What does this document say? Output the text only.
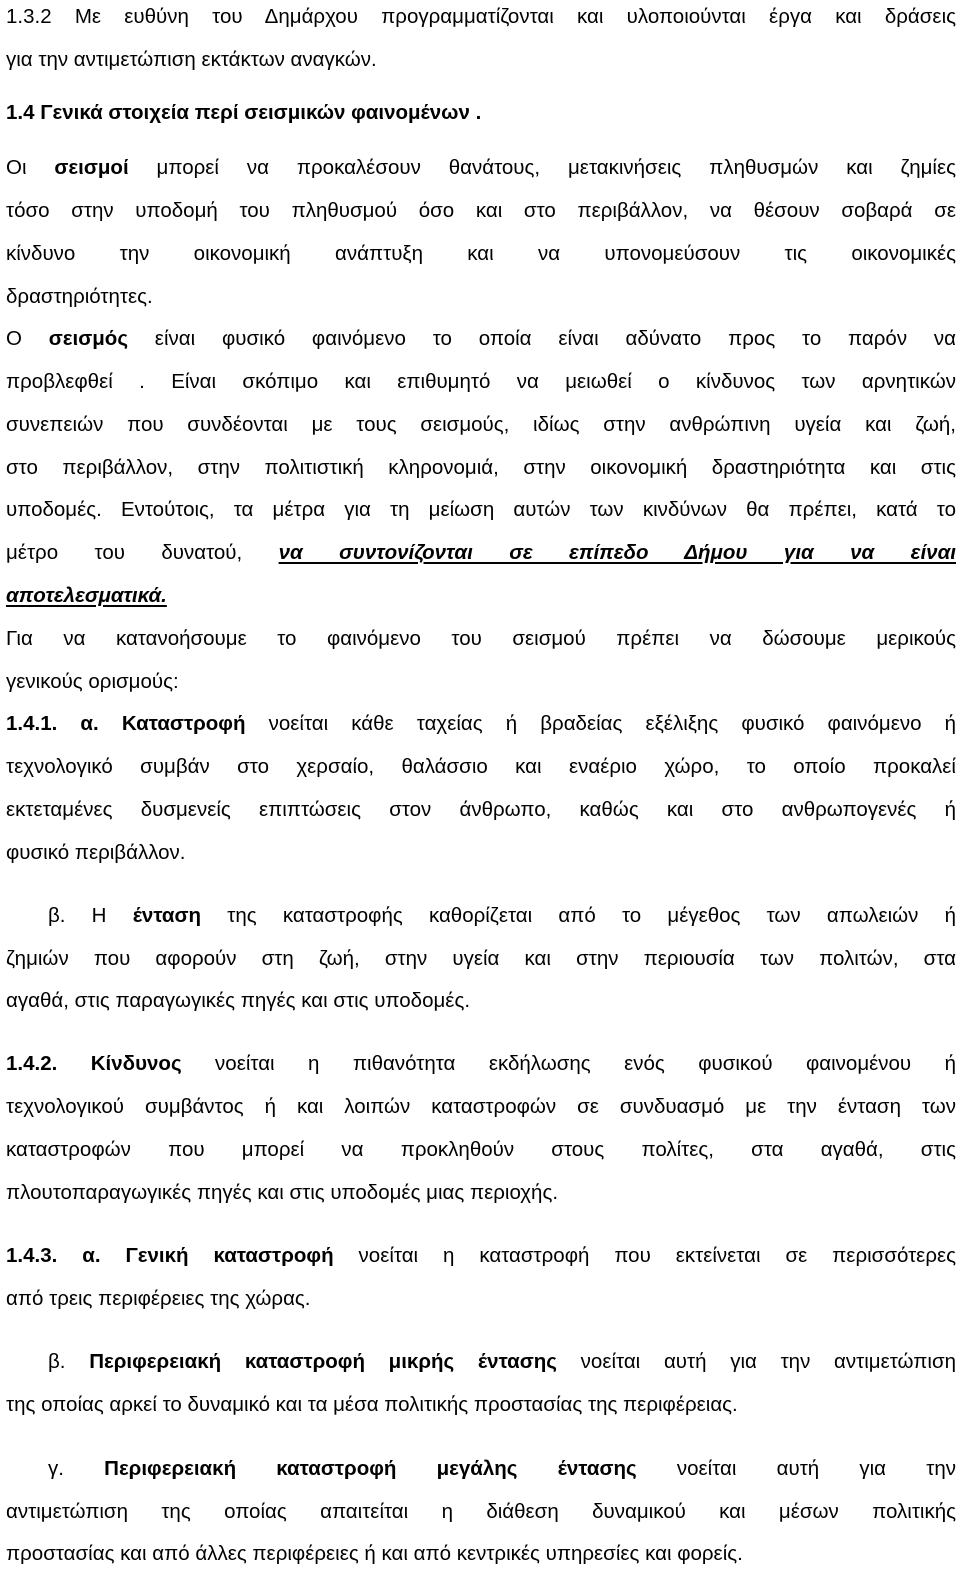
1.3.2 Με ευθύνη του Δημάρχου προγραμματίζονται και υλοποιούνται έργα και δράσεις
για την αντιμετώπιση εκτάκτων αναγκών.
1.4 Γενικά στοιχεία περί σεισμικών φαινομένων .
Οι σεισμοί μπορεί να προκαλέσουν θανάτους, μετακινήσεις πληθυσμών και ζημίες
τόσο στην υποδομή του πληθυσμού όσο και στο περιβάλλον, να θέσουν σοβαρά σε
κίνδυνο την οικονομική ανάπτυξη και να υπονομεύσουν τις οικονομικές
δραστηριότητες.
Ο σεισμός είναι φυσικό φαινόμενο το οποία είναι αδύνατο προς το παρόν να
προβλεφθεί . Είναι σκόπιμο και επιθυμητό να μειωθεί ο κίνδυνος των αρνητικών
συνεπειών που συνδέονται με τους σεισμούς, ιδίως στην ανθρώπινη υγεία και ζωή,
στο περιβάλλον, στην πολιτιστική κληρονομιά, στην οικονομική δραστηριότητα και στις
υποδομές. Εντούτοις, τα μέτρα για τη μείωση αυτών των κινδύνων θα πρέπει, κατά το
μέτρο του δυνατού, να συντονίζονται σε επίπεδο Δήμου για να είναι
αποτελεσματικά.
Για να κατανοήσουμε το φαινόμενο του σεισμού πρέπει να δώσουμε μερικούς
γενικούς ορισμούς:
1.4.1. α. Καταστροφή νοείται κάθε ταχείας ή βραδείας εξέλιξης φυσικό φαινόμενο ή
τεχνολογικό συμβάν στο χερσαίο, θαλάσσιο και εναέριο χώρο, το οποίο προκαλεί
εκτεταμένες δυσμενείς επιπτώσεις στον άνθρωπο, καθώς και στο ανθρωπογενές ή
φυσικό περιβάλλον.
β. Η ένταση της καταστροφής καθορίζεται από το μέγεθος των απωλειών ή
ζημιών που αφορούν στη ζωή, στην υγεία και στην περιουσία των πολιτών, στα
αγαθά, στις παραγωγικές πηγές και στις υποδομές.
1.4.2. Κίνδυνος νοείται η πιθανότητα εκδήλωσης ενός φυσικού φαινομένου ή
τεχνολογικού συμβάντος ή και λοιπών καταστροφών σε συνδυασμό με την ένταση των
καταστροφών που μπορεί να προκληθούν στους πολίτες, στα αγαθά, στις
πλουτοπαραγωγικές πηγές και στις υποδομές μιας περιοχής.
1.4.3. α. Γενική καταστροφή νοείται η καταστροφή που εκτείνεται σε περισσότερες
από τρεις περιφέρειες της χώρας.
β. Περιφερειακή καταστροφή μικρής έντασης νοείται αυτή για την αντιμετώπιση
της οποίας αρκεί το δυναμικό και τα μέσα πολιτικής προστασίας της περιφέρειας.
γ. Περιφερειακή καταστροφή μεγάλης έντασης νοείται αυτή για την
αντιμετώπιση της οποίας απαιτείται η διάθεση δυναμικού και μέσων πολιτικής
προστασίας και από άλλες περιφέρειες ή και από κεντρικές υπηρεσίες και φορείς.
